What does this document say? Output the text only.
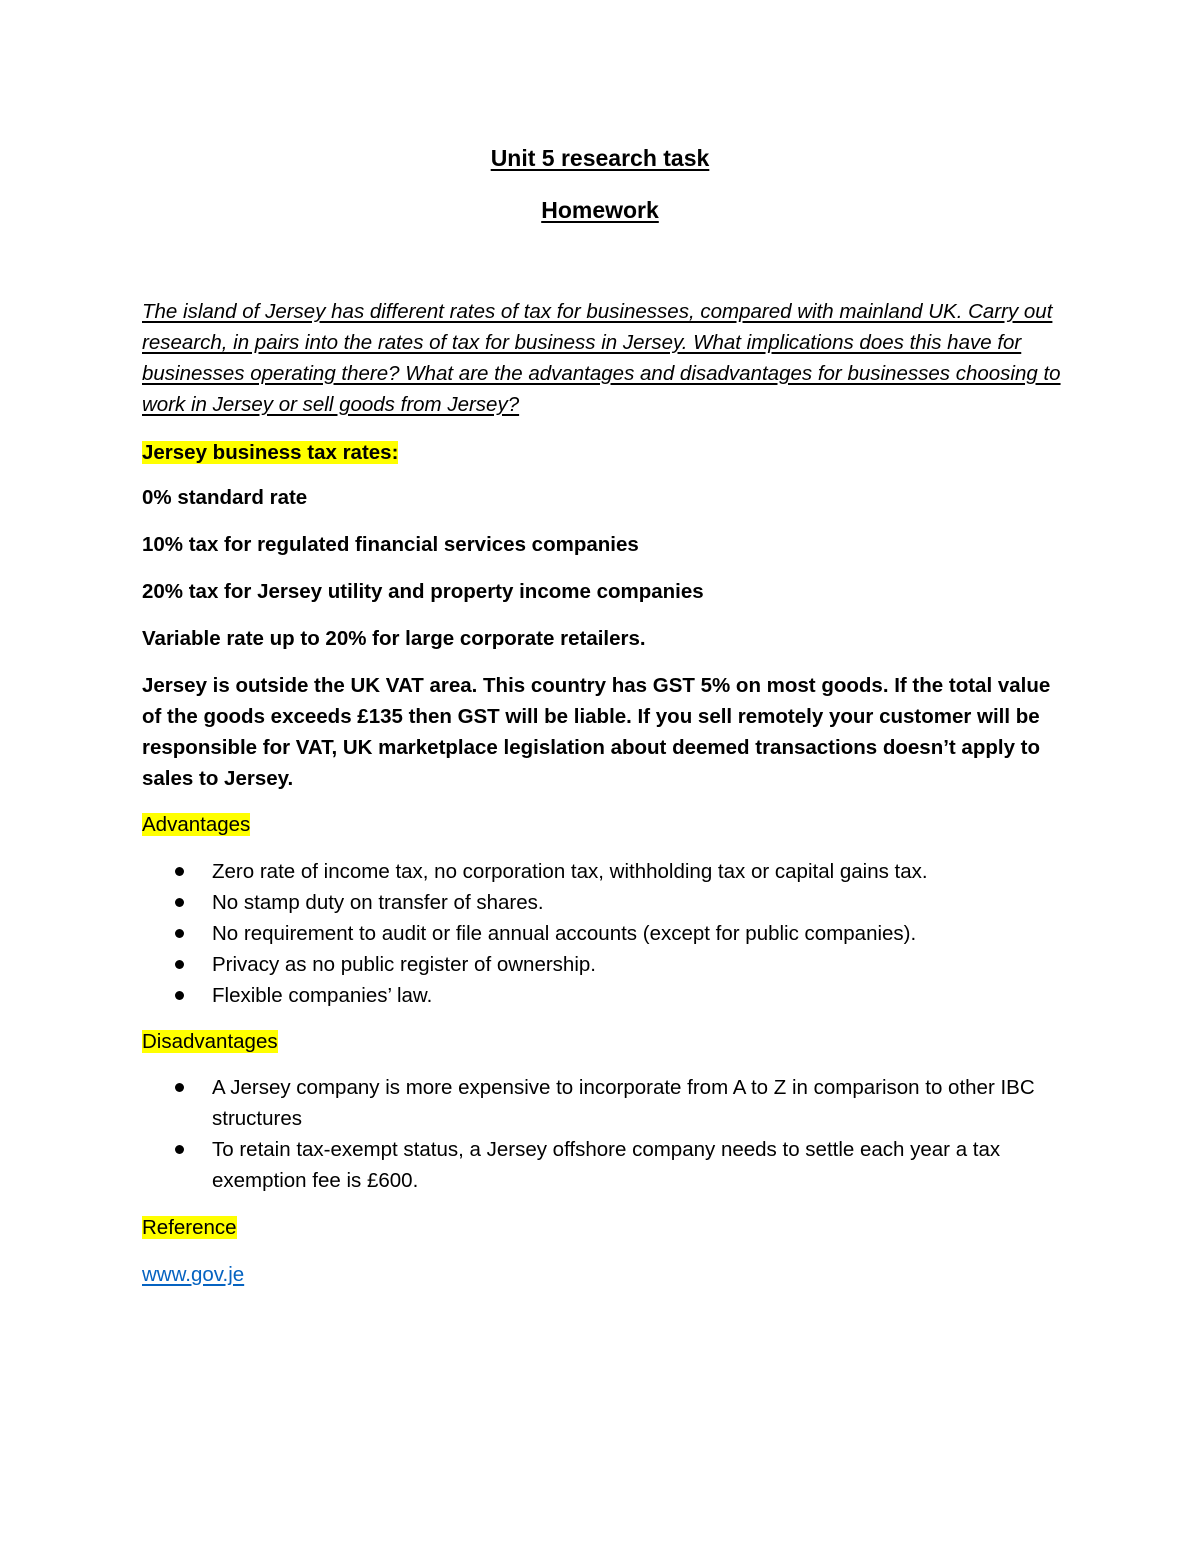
Unit 5 research task
Homework

The island of Jersey has different rates of tax for businesses, compared with mainland UK. Carry out research, in pairs into the rates of tax for business in Jersey. What implications does this have for businesses operating there? What are the advantages and disadvantages for businesses choosing to work in Jersey or sell goods from Jersey?

Jersey business tax rates:

0% standard rate

10% tax for regulated financial services companies

20% tax for Jersey utility and property income companies

Variable rate up to 20% for large corporate retailers.

Jersey is outside the UK VAT area. This country has GST 5% on most goods. If the total value of the goods exceeds £135 then GST will be liable. If you sell remotely your customer will be responsible for VAT, UK marketplace legislation about deemed transactions doesn’t apply to sales to Jersey.

Advantages

Zero rate of income tax, no corporation tax, withholding tax or capital gains tax.
No stamp duty on transfer of shares.
No requirement to audit or file annual accounts (except for public companies).
Privacy as no public register of ownership.
Flexible companies’ law.

Disadvantages

A Jersey company is more expensive to incorporate from A to Z in comparison to other IBC structures
To retain tax-exempt status, a Jersey offshore company needs to settle each year a tax exemption fee is £600.

Reference

www.gov.je
